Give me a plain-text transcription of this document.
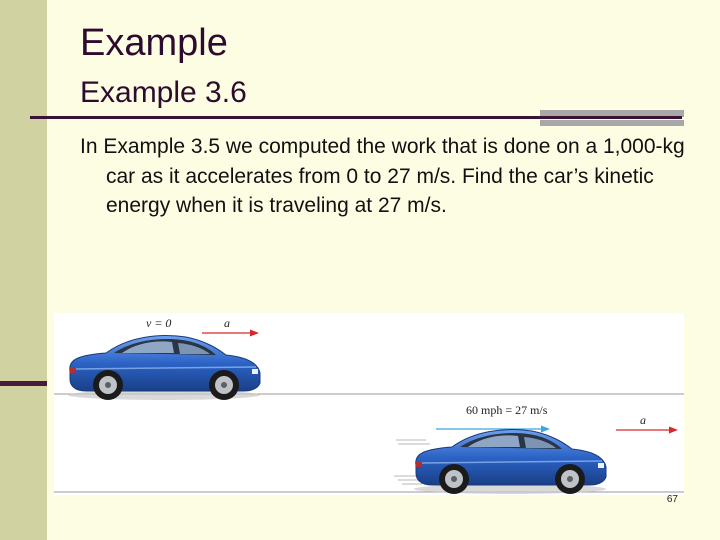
Example
Example 3.6

In Example 3.5 we computed the work that is done on a 1,000-kg car as it accelerates from 0 to 27 m/s. Find the car’s kinetic energy when it is traveling at 27 m/s.

v = 0	a
60 mph = 27 m/s
a
67
